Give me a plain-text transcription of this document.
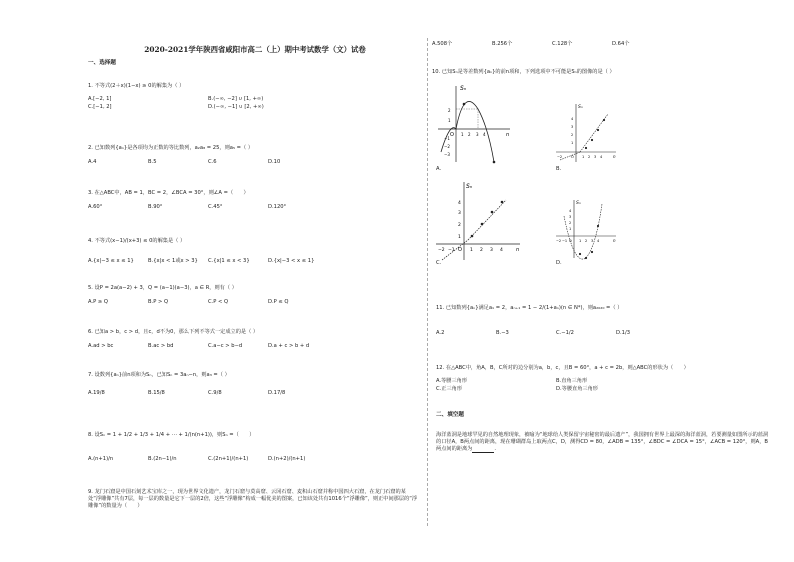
2020-2021学年陕西省咸阳市高二（上）期中考试数学（文）试卷
一、选择题
1. 不等式(2＋x)(1−x) ≥ 0的解集为（ ）
A.[−2, 1]	B.(−∞, −2] ∪ [1, +∞)
C.[−1, 2]	D.(−∞, −1] ∪ [2, +∞)
2. 已知数列{aₙ}是各项均为正数的等比数列，a₂a₈ = 25，则a₅ =（ ）
A.4	B.5	C.6	D.10
3. 在△ABC中，AB = 1，BC = 2，∠BCA = 30°，则∠A =（　　）
A.60°	B.90°	C.45°	D.120°
4. 不等式(x−1)/(x+3) ≤ 0的解集是（ ）
A.{x|−3 ≤ x ≤ 1}	B.{x|x < 1或x > 3}	C.{x|1 ≤ x < 3}	D.{x|−3 < x ≤ 1}
5. 设P = 2a(a−2) + 3，Q = (a−1)(a−3)，a ∈ R，则有（ ）
A.P ≥ Q	B.P > Q	C.P < Q	D.P ≤ Q
6. 已知a > b，c > d，且c，d不为0，那么下列不等式一定成立的是（ ）
A.ad > bc	B.ac > bd	C.a−c > b−d	D.a + c > b + d
7. 设数列{aₙ}前n项和为Sₙ，已知Sₙ = 3aₙ−n，则a₃ =（ ）
A.19/8	B.15/8	C.9/8	D.17/8
8. 设Sₙ = 1 + 1/2 + 1/3 + 1/4 + ⋯ + 1/(n(n+1))，则Sₙ =（　　）
A.(n+1)/n	B.(2n−1)/n	C.(2n+1)/(n+1)	D.(n+2)/(n+1)
9. 龙门石窟是中国石刻艺术宝库之一，现为世界文化遗产，龙门石窟与莫高窟、云冈石窟、麦积山石窟并称中国四大石窟，在龙门石窟的某处“浮雕像”共有7层，每一层的数量是它下一层的2倍，这些“浮雕像”构成一幅优美的图案，已知该处共有1016个“浮雕像”，则正中间那层的“浮雕像”的数量为（　　）
A.508个	B.256个	C.128个	D.64个
10. 已知Sₙ是等差数列{aₙ}的前n项和，下列选项中不可能是Sₙ的图像的是（ ）
Sₙ
n
O
2
1
−1
−2
−3
1 2 3 4
A.
Sₙ
n
O
−2
1
2
3
4
1 2 3 4
B.
Sₙ
n
O
−2 −1
1
2
3
4
1 2 3 4
C.
Sₙ
n
O
−2 −1
1
2
3
4
1 2 3 4
D.
11. 已知数列{aₙ}满足a₁ = 2，aₙ₊₁ = 1 − 2/(1+aₙ)(n ∈ N*)，则a₂₀₂₀ =（ ）
A.2	B.−3	C.−1/2	D.1/3
12. 在△ABC中，角A，B，C所对的边分别为a，b，c，且B = 60°，a + c = 2b，则△ABC的形状为（　　）
A.等腰三角形	B.直角三角形
C.正三角形	D.等腰直角三角形
二、填空题
海洋蓝洞是地球罕见的自然地理现象，被喻为“地球给人类保留宇宙秘密的最后遗产”，我国拥有世界上最深的海洋蓝洞，若要测量如图所示的蓝洞的口径A，B两点间的距离，现在珊瑚群岛上取两点C，D，测得CD = 80，∠ADB = 135°，∠BDC = ∠DCA = 15°，∠ACB = 120°，则A，B两点间的距离为	.
